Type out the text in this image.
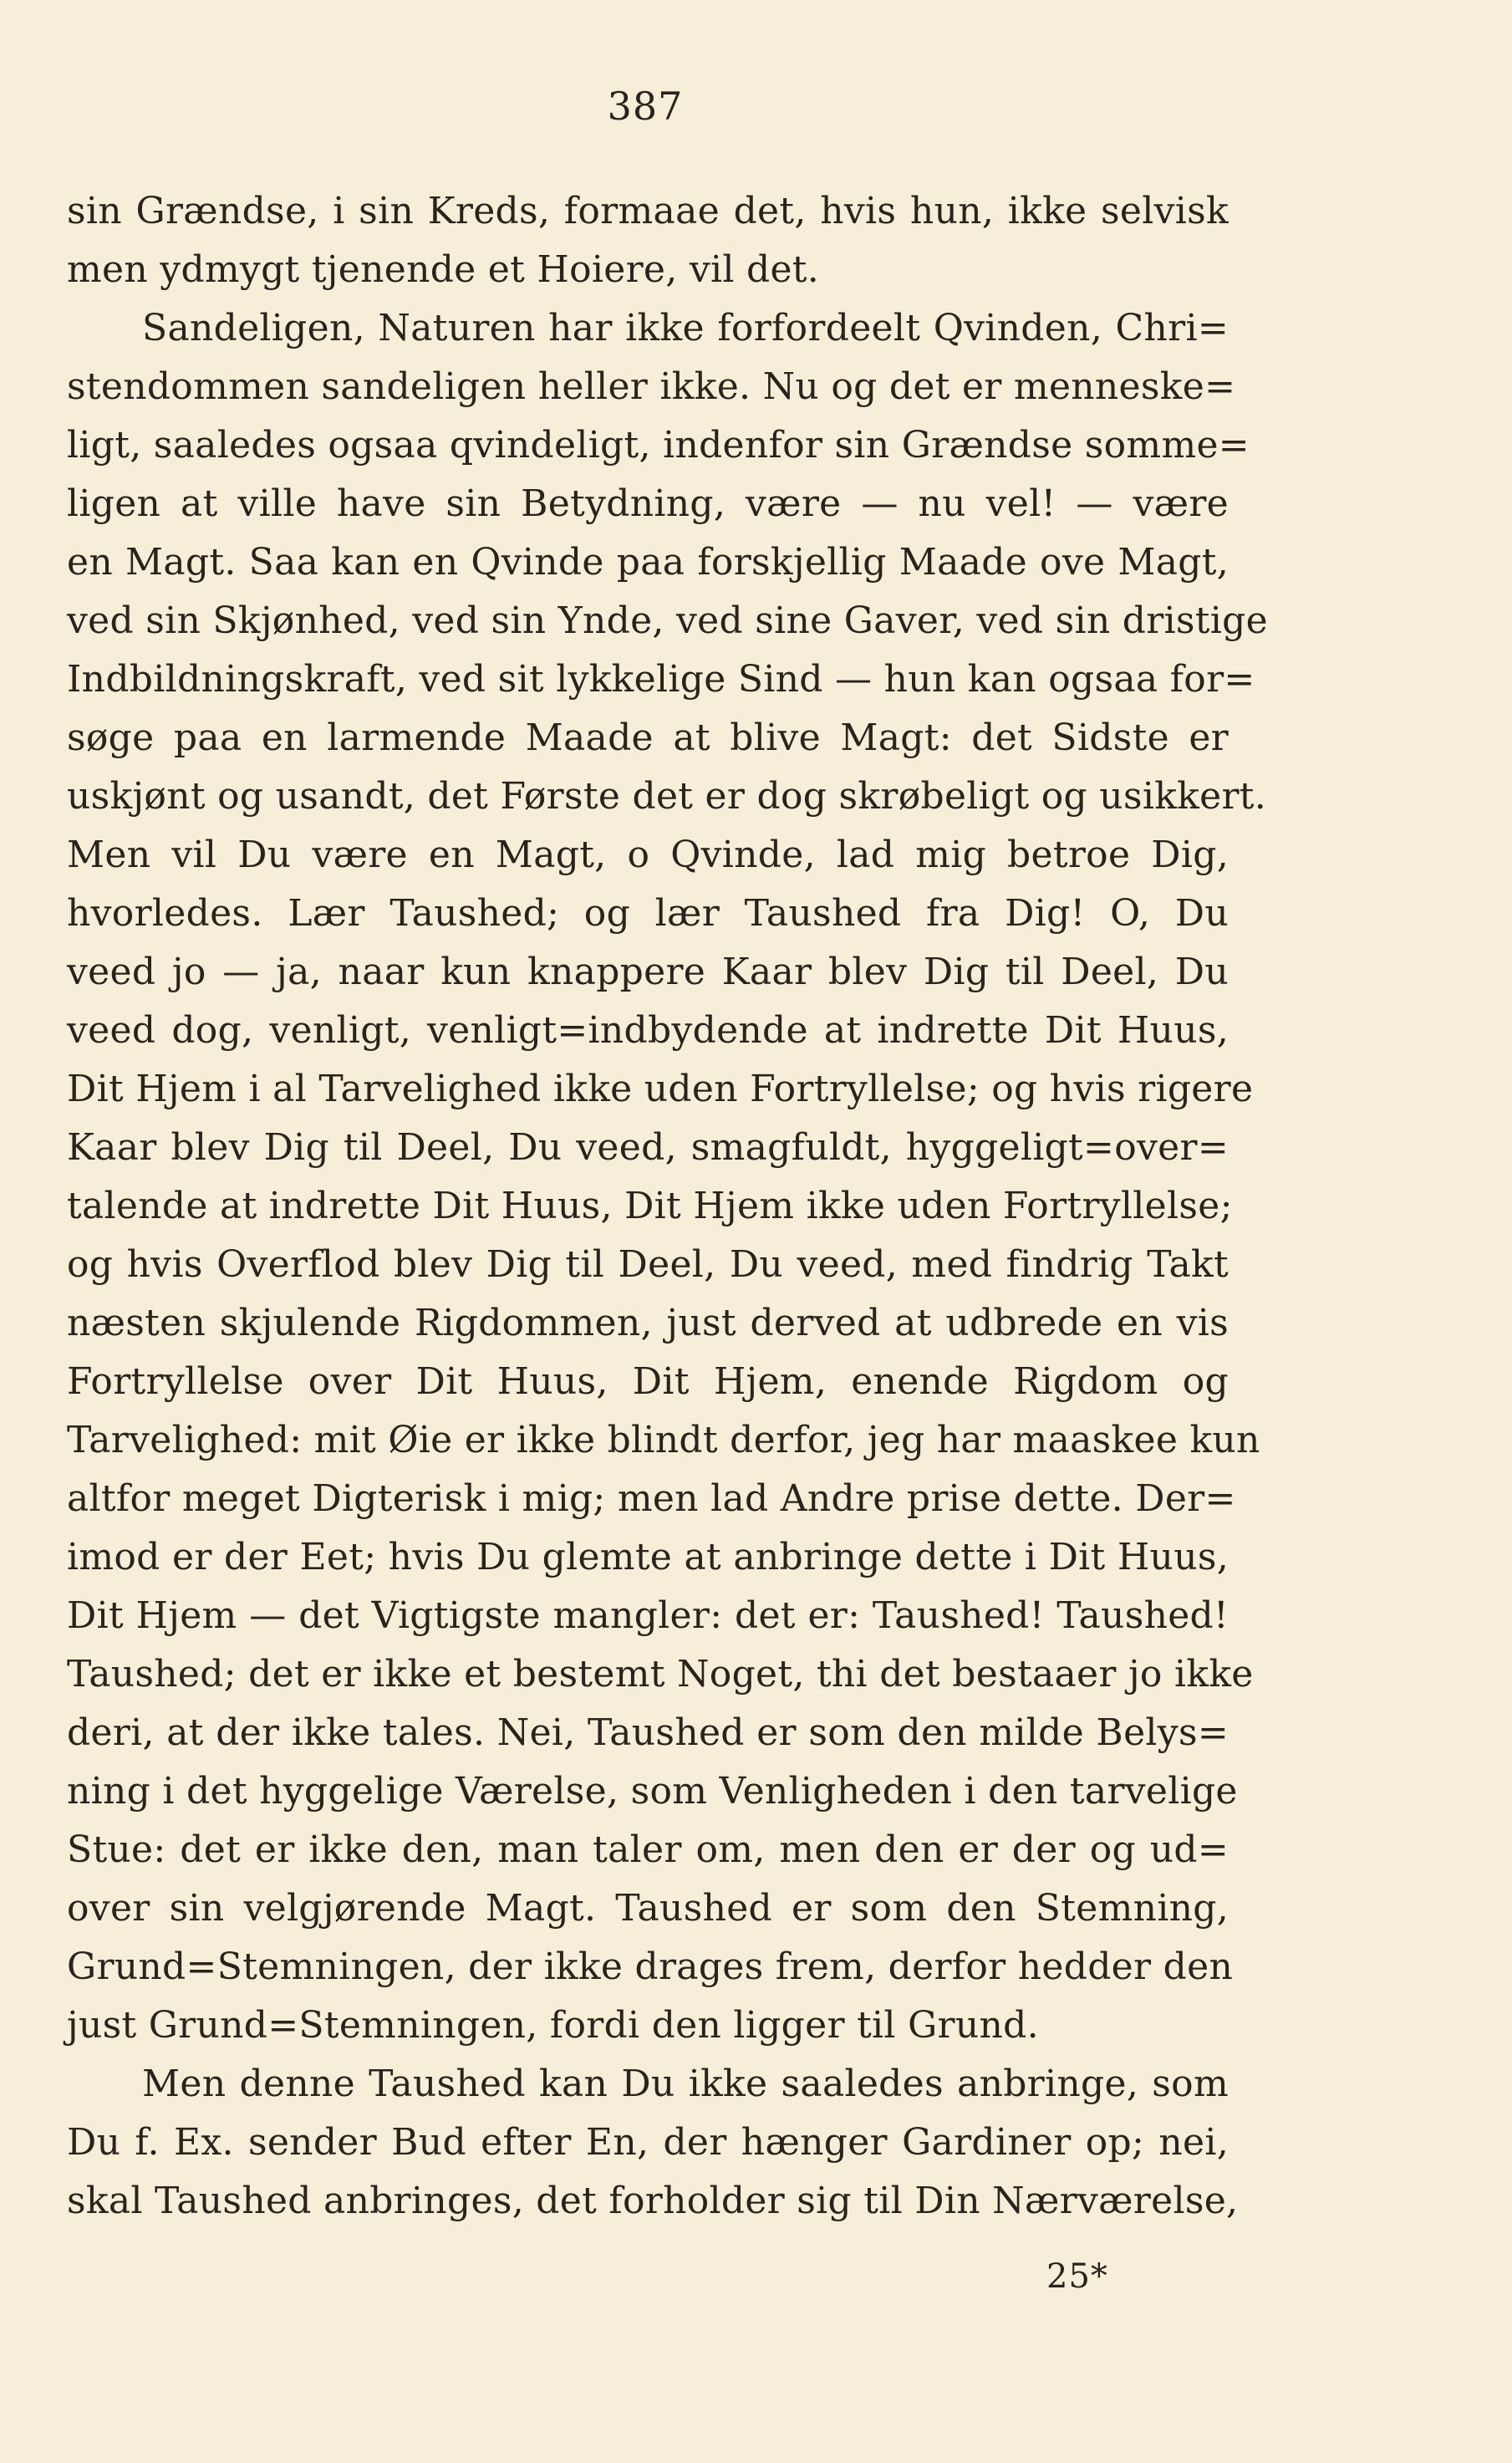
387
sin Grændse, i sin Kreds, formaae det, hvis hun, ikke selvisk
men ydmygt tjenende et Hoiere, vil det.
Sandeligen, Naturen har ikke forfordeelt Qvinden, Chri=
stendommen sandeligen heller ikke. Nu og det er menneske=
ligt, saaledes ogsaa qvindeligt, indenfor sin Grændse somme=
ligen at ville have sin Betydning, være — nu vel! — være
en Magt. Saa kan en Qvinde paa forskjellig Maade ove Magt,
ved sin Skjønhed, ved sin Ynde, ved sine Gaver, ved sin dristige
Indbildningskraft, ved sit lykkelige Sind — hun kan ogsaa for=
søge paa en larmende Maade at blive Magt: det Sidste er
uskjønt og usandt, det Første det er dog skrøbeligt og usikkert.
Men vil Du være en Magt, o Qvinde, lad mig betroe Dig,
hvorledes. Lær Taushed; og lær Taushed fra Dig! O, Du
veed jo — ja, naar kun knappere Kaar blev Dig til Deel, Du
veed dog, venligt, venligt=indbydende at indrette Dit Huus,
Dit Hjem i al Tarvelighed ikke uden Fortryllelse; og hvis rigere
Kaar blev Dig til Deel, Du veed, smagfuldt, hyggeligt=over=
talende at indrette Dit Huus, Dit Hjem ikke uden Fortryllelse;
og hvis Overflod blev Dig til Deel, Du veed, med findrig Takt
næsten skjulende Rigdommen, just derved at udbrede en vis
Fortryllelse over Dit Huus, Dit Hjem, enende Rigdom og
Tarvelighed: mit Øie er ikke blindt derfor, jeg har maaskee kun
altfor meget Digterisk i mig; men lad Andre prise dette. Der=
imod er der Eet; hvis Du glemte at anbringe dette i Dit Huus,
Dit Hjem — det Vigtigste mangler: det er: Taushed! Taushed!
Taushed; det er ikke et bestemt Noget, thi det bestaaer jo ikke
deri, at der ikke tales. Nei, Taushed er som den milde Belys=
ning i det hyggelige Værelse, som Venligheden i den tarvelige
Stue: det er ikke den, man taler om, men den er der og ud=
over sin velgjørende Magt. Taushed er som den Stemning,
Grund=Stemningen, der ikke drages frem, derfor hedder den
just Grund=Stemningen, fordi den ligger til Grund.
Men denne Taushed kan Du ikke saaledes anbringe, som
Du f. Ex. sender Bud efter En, der hænger Gardiner op; nei,
skal Taushed anbringes, det forholder sig til Din Nærværelse,
25*
